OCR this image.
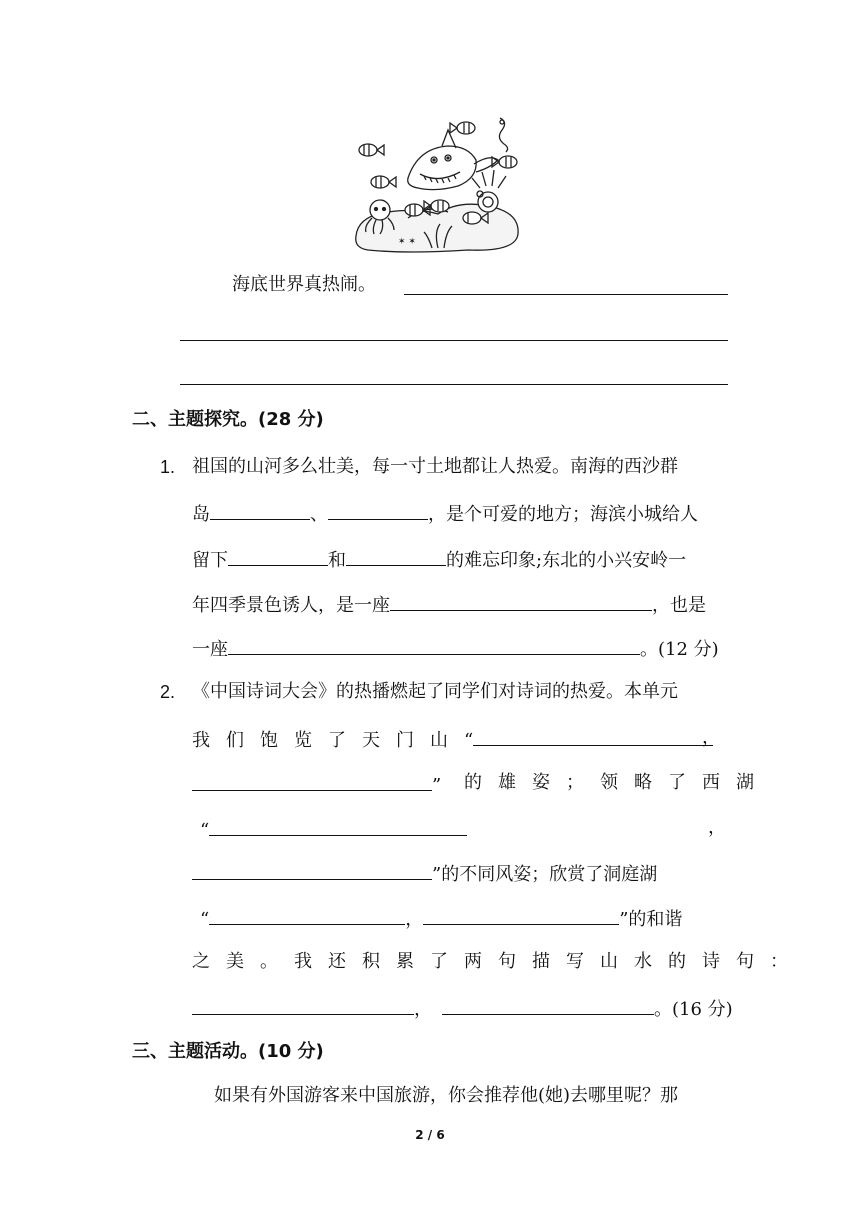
✶ ✶
海底世界真热闹。
二、主题探究。(28 分)
1. 祖国的山河多么壮美，每一寸土地都让人热爱。南海的西沙群
岛	、	，是个可爱的地方；海滨小城给人
留下	和	的难忘印象;东北的小兴安岭一
年四季景色诱人，是一座	，也是
一座	。(12 分)
2. 《中国诗词大会》的热播燃起了同学们对诗词的热爱。本单元
我们饱览了天门山“	，
” 的雄姿；领略了西湖
“	，
”的不同风姿；欣赏了洞庭湖
“	，	”的和谐
之美。我还积累了两句描写山水的诗句：
，	。(16 分)
三、主题活动。(10 分)
如果有外国游客来中国旅游，你会推荐他(她)去哪里呢？那
2 / 6
